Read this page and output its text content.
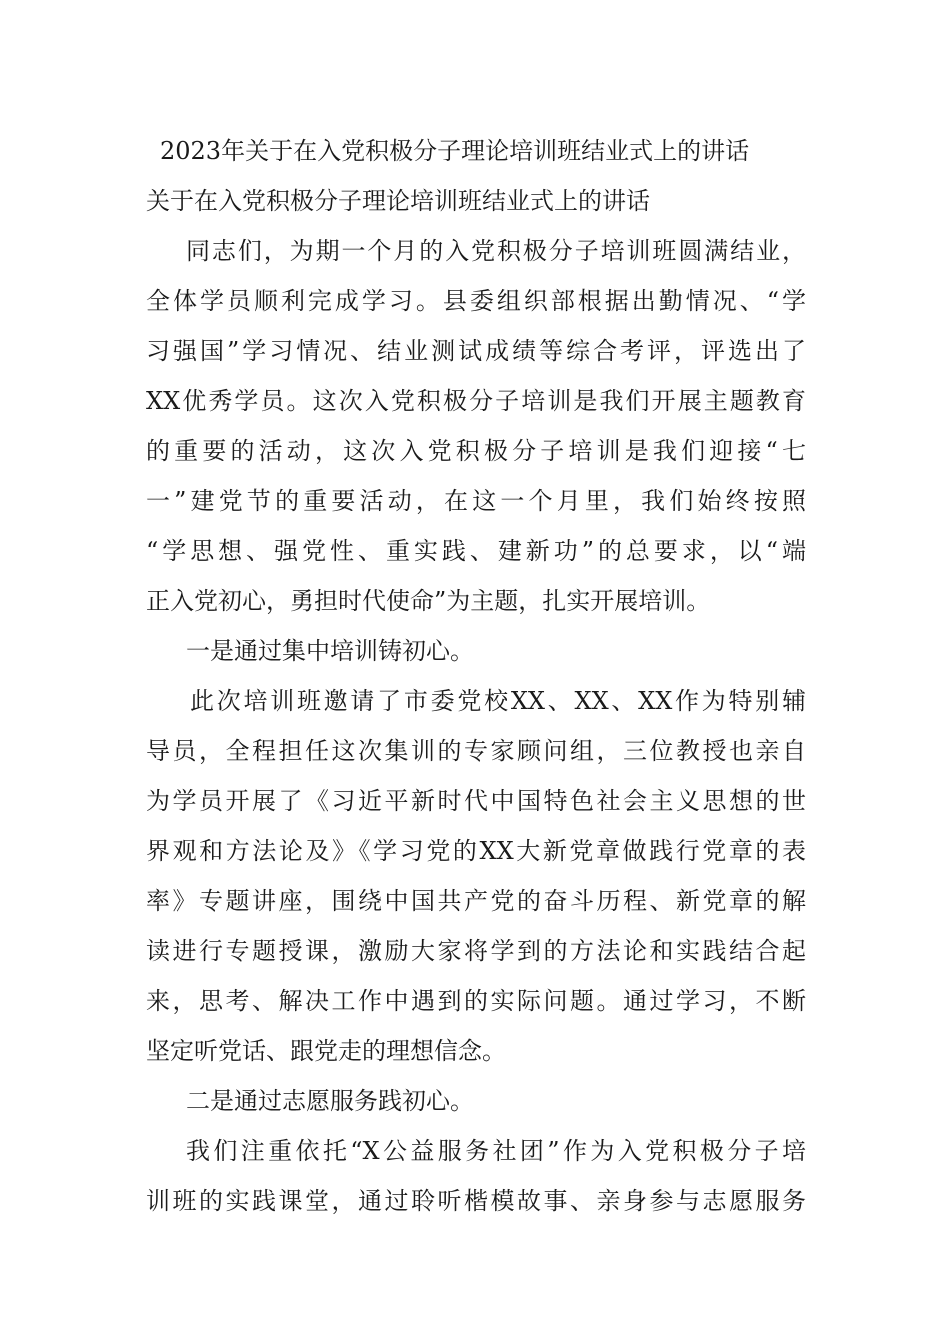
2023年关于在入党积极分子理论培训班结业式上的讲话

关于在入党积极分子理论培训班结业式上的讲话

同志们，为期一个月的入党积极分子培训班圆满结业，

全体学员顺利完成学习。县委组织部根据出勤情况、“学

习强国”学习情况、结业测试成绩等综合考评，评选出了

XX优秀学员。这次入党积极分子培训是我们开展主题教育

的重要的活动，这次入党积极分子培训是我们迎接“七

一”建党节的重要活动，在这一个月里，我们始终按照

“学思想、强党性、重实践、建新功”的总要求，以“端

正入党初心，勇担时代使命”为主题，扎实开展培训。

一是通过集中培训铸初心。

此次培训班邀请了市委党校XX、XX、XX作为特别辅

导员，全程担任这次集训的专家顾问组，三位教授也亲自

为学员开展了《习近平新时代中国特色社会主义思想的世

界观和方法论及》《学习党的XX大新党章做践行党章的表

率》专题讲座，围绕中国共产党的奋斗历程、新党章的解

读进行专题授课，激励大家将学到的方法论和实践结合起

来，思考、解决工作中遇到的实际问题。通过学习，不断

坚定听党话、跟党走的理想信念。

二是通过志愿服务践初心。

我们注重依托“X公益服务社团”作为入党积极分子培

训班的实践课堂，通过聆听楷模故事、亲身参与志愿服务
